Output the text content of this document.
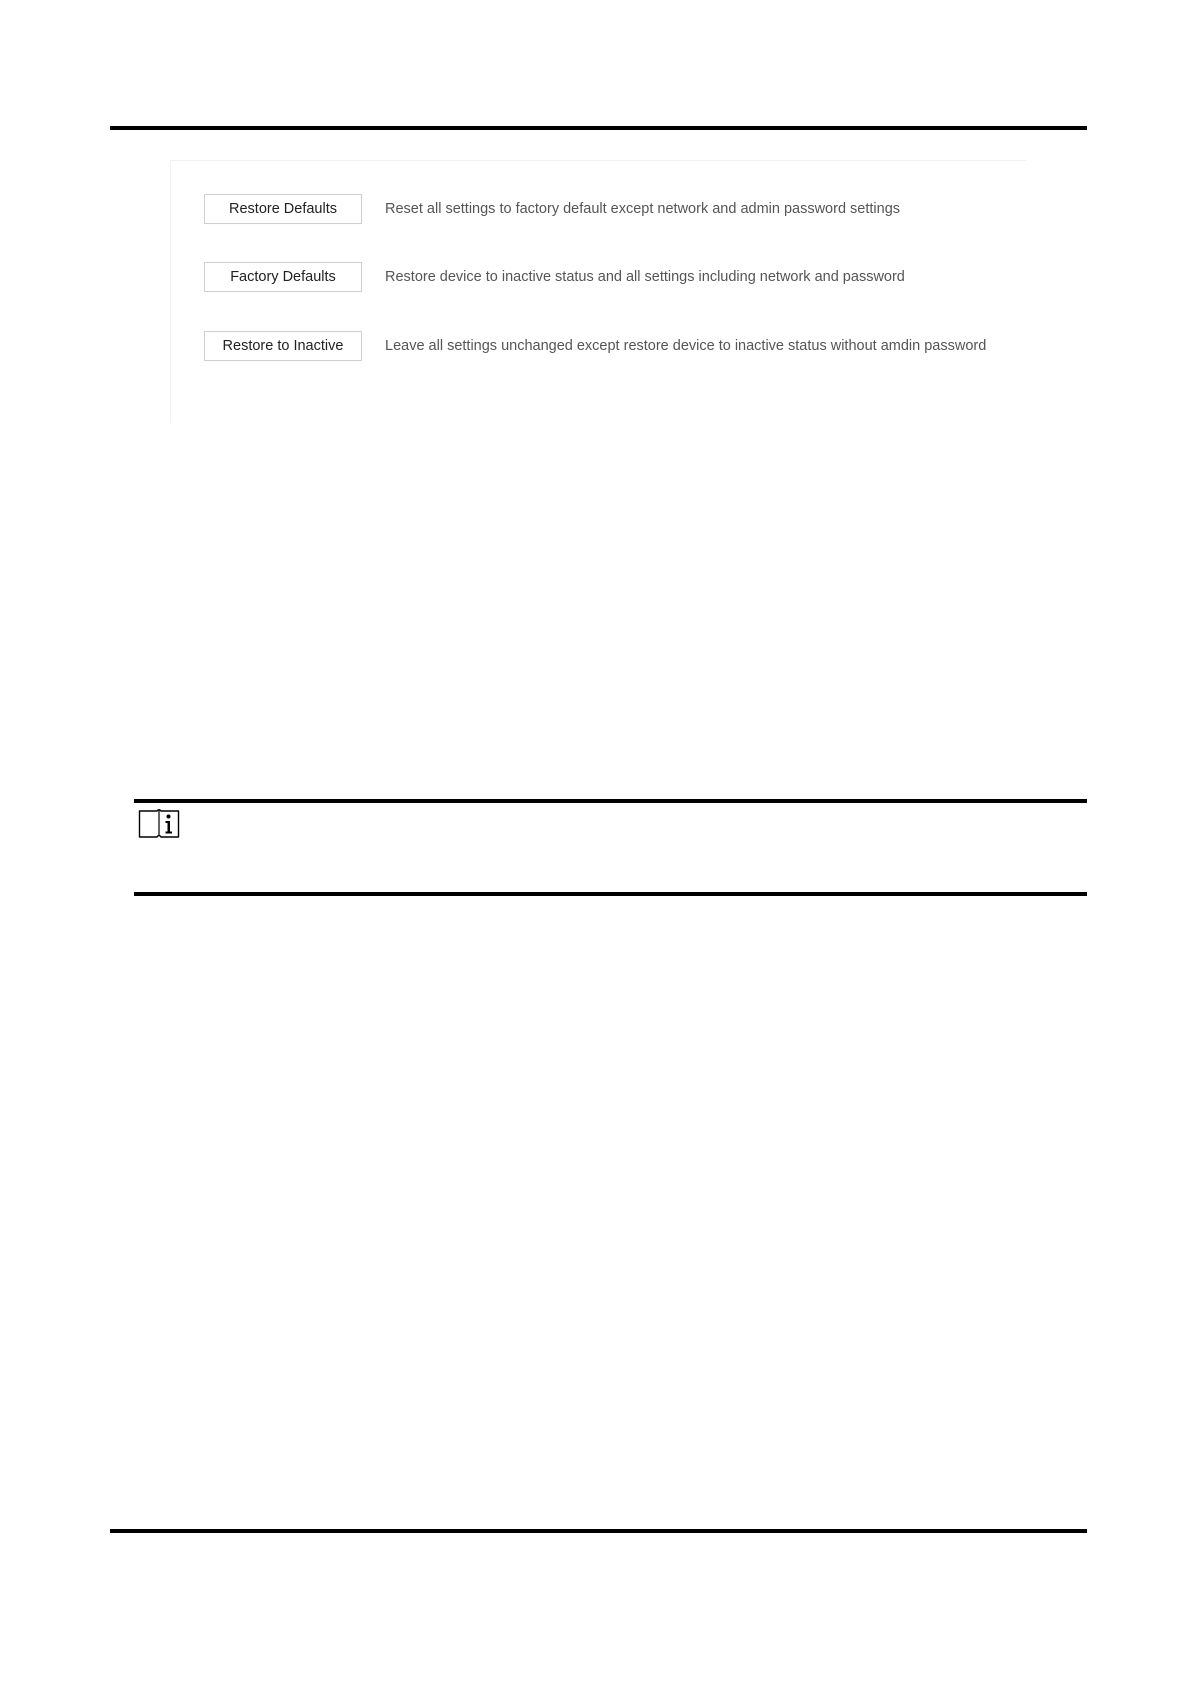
Restore Defaults	Reset all settings to factory default except network and admin password settings
Factory Defaults	Restore device to inactive status and all settings including network and password
Restore to Inactive	Leave all settings unchanged except restore device to inactive status without amdin password
